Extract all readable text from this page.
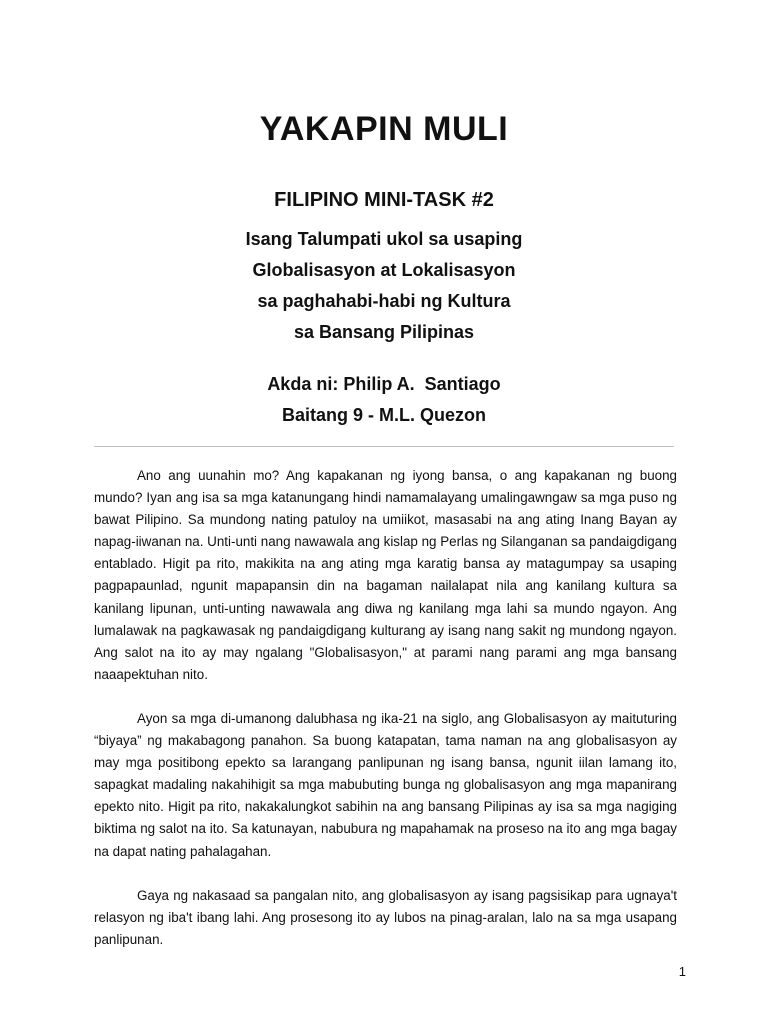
YAKAPIN MULI
FILIPINO MINI-TASK #2
Isang Talumpati ukol sa usaping
Globalisasyon at Lokalisasyon
sa paghahabi-habi ng Kultura
sa Bansang Pilipinas
Akda ni: Philip A.  Santiago
Baitang 9 - M.L. Quezon

Ano ang uunahin mo? Ang kapakanan ng iyong bansa, o ang kapakanan ng buong mundo? Iyan ang isa sa mga katanungang hindi namamalayang umalingawngaw sa mga puso ng bawat Pilipino. Sa mundong nating patuloy na umiikot, masasabi na ang ating Inang Bayan ay napag-iiwanan na. Unti-unti nang nawawala ang kislap ng Perlas ng Silanganan sa pandaigdigang entablado. Higit pa rito, makikita na ang ating mga karatig bansa ay matagumpay sa usaping pagpapaunlad, ngunit mapapansin din na bagaman nailalapat nila ang kanilang kultura sa kanilang lipunan, unti-unting nawawala ang diwa ng kanilang mga lahi sa mundo ngayon. Ang lumalawak na pagkawasak ng pandaigdigang kulturang ay isang nang sakit ng mundong ngayon. Ang salot na ito ay may ngalang "Globalisasyon," at parami nang parami ang mga bansang naaapektuhan nito.

Ayon sa mga di-umanong dalubhasa ng ika-21 na siglo, ang Globalisasyon ay maituturing “biyaya” ng makabagong panahon. Sa buong katapatan, tama naman na ang globalisasyon ay may mga positibong epekto sa larangang panlipunan ng isang bansa, ngunit iilan lamang ito, sapagkat madaling nakahihigit sa mga mabubuting bunga ng globalisasyon ang mga mapanirang epekto nito. Higit pa rito, nakakalungkot sabihin na ang bansang Pilipinas ay isa sa mga nagiging biktima ng salot na ito. Sa katunayan, nabubura ng mapahamak na proseso na ito ang mga bagay na dapat nating pahalagahan.

Gaya ng nakasaad sa pangalan nito, ang globalisasyon ay isang pagsisikap para ugnaya't relasyon ng iba't ibang lahi. Ang prosesong ito ay lubos na pinag-aralan, lalo na sa mga usapang panlipunan.

1
